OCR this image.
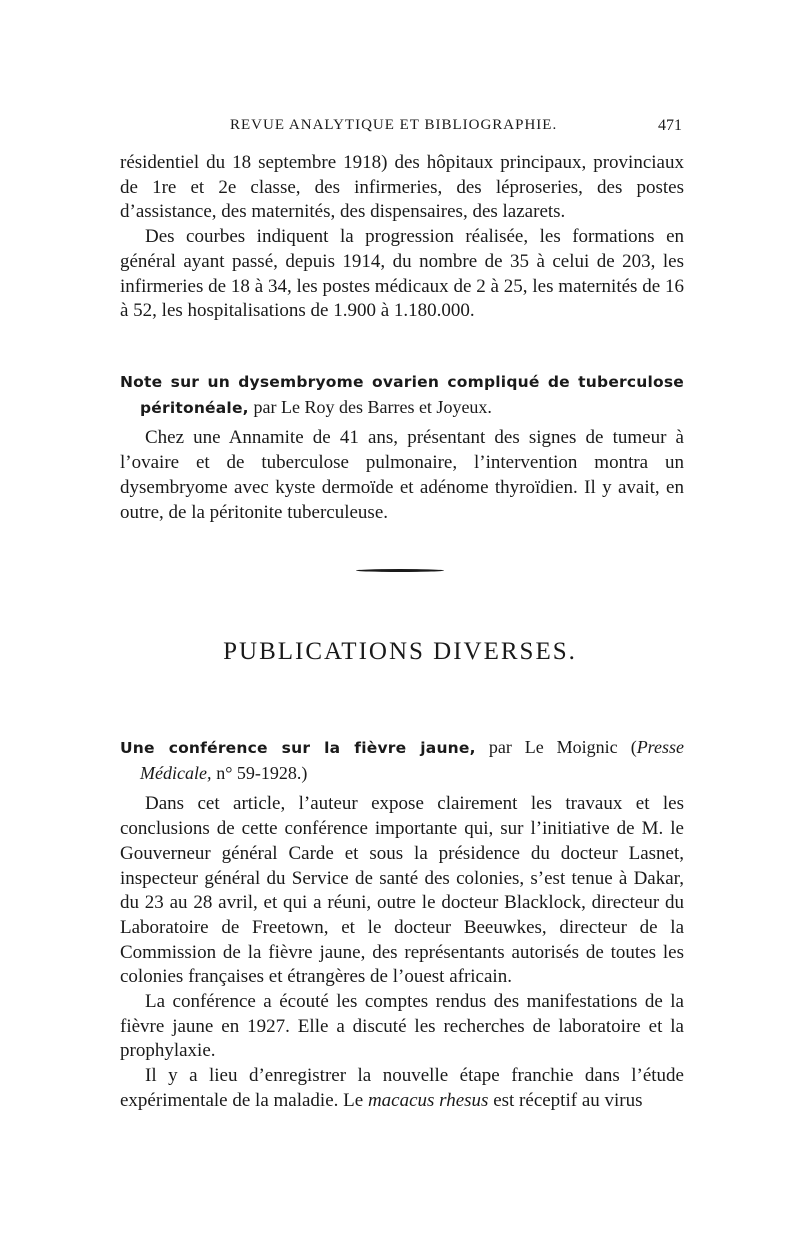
REVUE ANALYTIQUE ET BIBLIOGRAPHIE.	471

résidentiel du 18 septembre 1918) des hôpitaux principaux, provinciaux de 1re et 2e classe, des infirmeries, des léproseries, des postes d’assistance, des maternités, des dispensaires, des lazarets.

Des courbes indiquent la progression réalisée, les formations en général ayant passé, depuis 1914, du nombre de 35 à celui de 203, les infirmeries de 18 à 34, les postes médicaux de 2 à 25, les maternités de 16 à 52, les hospitalisations de 1.900 à 1.180.000.

Note sur un dysembryome ovarien compliqué de tuberculose péritonéale, par Le Roy des Barres et Joyeux.

Chez une Annamite de 41 ans, présentant des signes de tumeur à l’ovaire et de tuberculose pulmonaire, l’intervention montra un dysembryome avec kyste dermoïde et adénome thyroïdien. Il y avait, en outre, de la péritonite tuberculeuse.

PUBLICATIONS DIVERSES.

Une conférence sur la fièvre jaune, par Le Moignic (Presse Médicale, n° 59-1928.)

Dans cet article, l’auteur expose clairement les travaux et les conclusions de cette conférence importante qui, sur l’initiative de M. le Gouverneur général Carde et sous la présidence du docteur Lasnet, inspecteur général du Service de santé des colonies, s’est tenue à Dakar, du 23 au 28 avril, et qui a réuni, outre le docteur Blacklock, directeur du Laboratoire de Freetown, et le docteur Beeuwkes, directeur de la Commission de la fièvre jaune, des représentants autorisés de toutes les colonies françaises et étrangères de l’ouest africain.

La conférence a écouté les comptes rendus des manifestations de la fièvre jaune en 1927. Elle a discuté les recherches de laboratoire et la prophylaxie.

Il y a lieu d’enregistrer la nouvelle étape franchie dans l’étude expérimentale de la maladie. Le macacus rhesus est réceptif au virus
